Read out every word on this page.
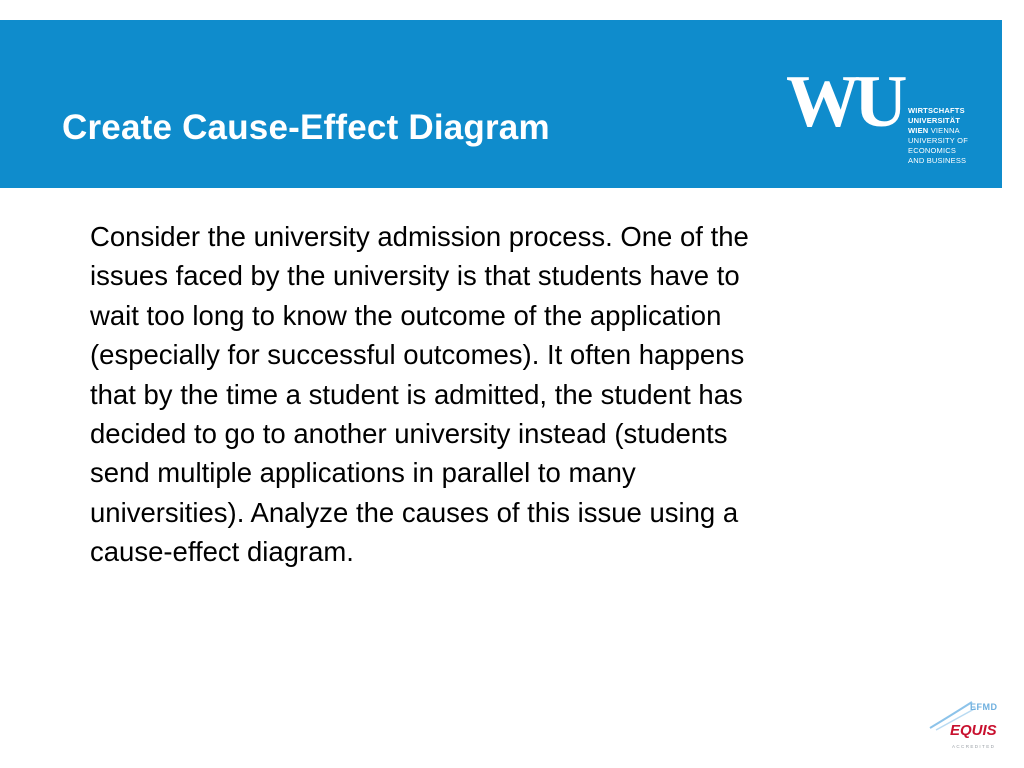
Create Cause-Effect Diagram	WU WIRTSCHAFTS
UNIVERSITÄT
WIEN VIENNA
UNIVERSITY OF
ECONOMICS
AND BUSINESS
Consider the university admission process. One of the
issues faced by the university is that students have to
wait too long to know the outcome of the application
(especially for successful outcomes). It often happens
that by the time a student is admitted, the student has
decided to go to another university instead (students
send multiple applications in parallel to many
universities). Analyze the causes of this issue using a
cause-effect diagram.
EFMD
EQUIS
ACCREDITED
